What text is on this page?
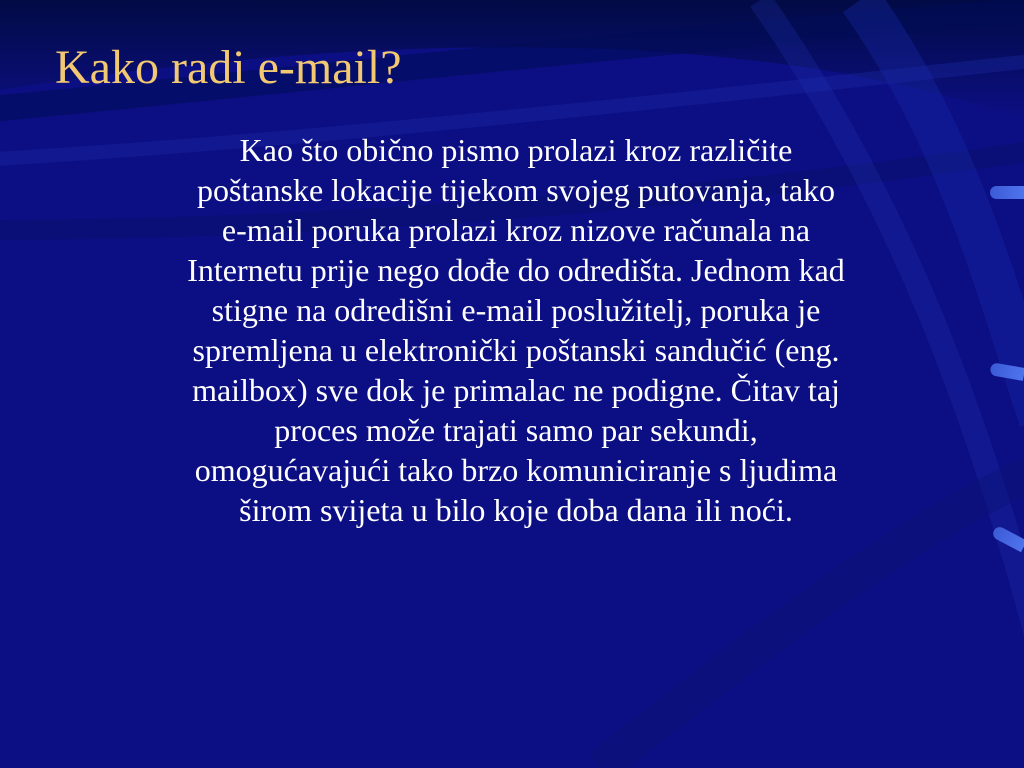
Kako radi e-mail?

Kao što obično pismo prolazi kroz različite
poštanske lokacije tijekom svojeg putovanja, tako
e-mail poruka prolazi kroz nizove računala na
Internetu prije nego dođe do odredišta. Jednom kad
stigne na odredišni e-mail poslužitelj, poruka je
spremljena u elektronički poštanski sandučić (eng.
mailbox) sve dok je primalac ne podigne. Čitav taj
proces može trajati samo par sekundi,
omogućavajući tako brzo komuniciranje s ljudima
širom svijeta u bilo koje doba dana ili noći.
